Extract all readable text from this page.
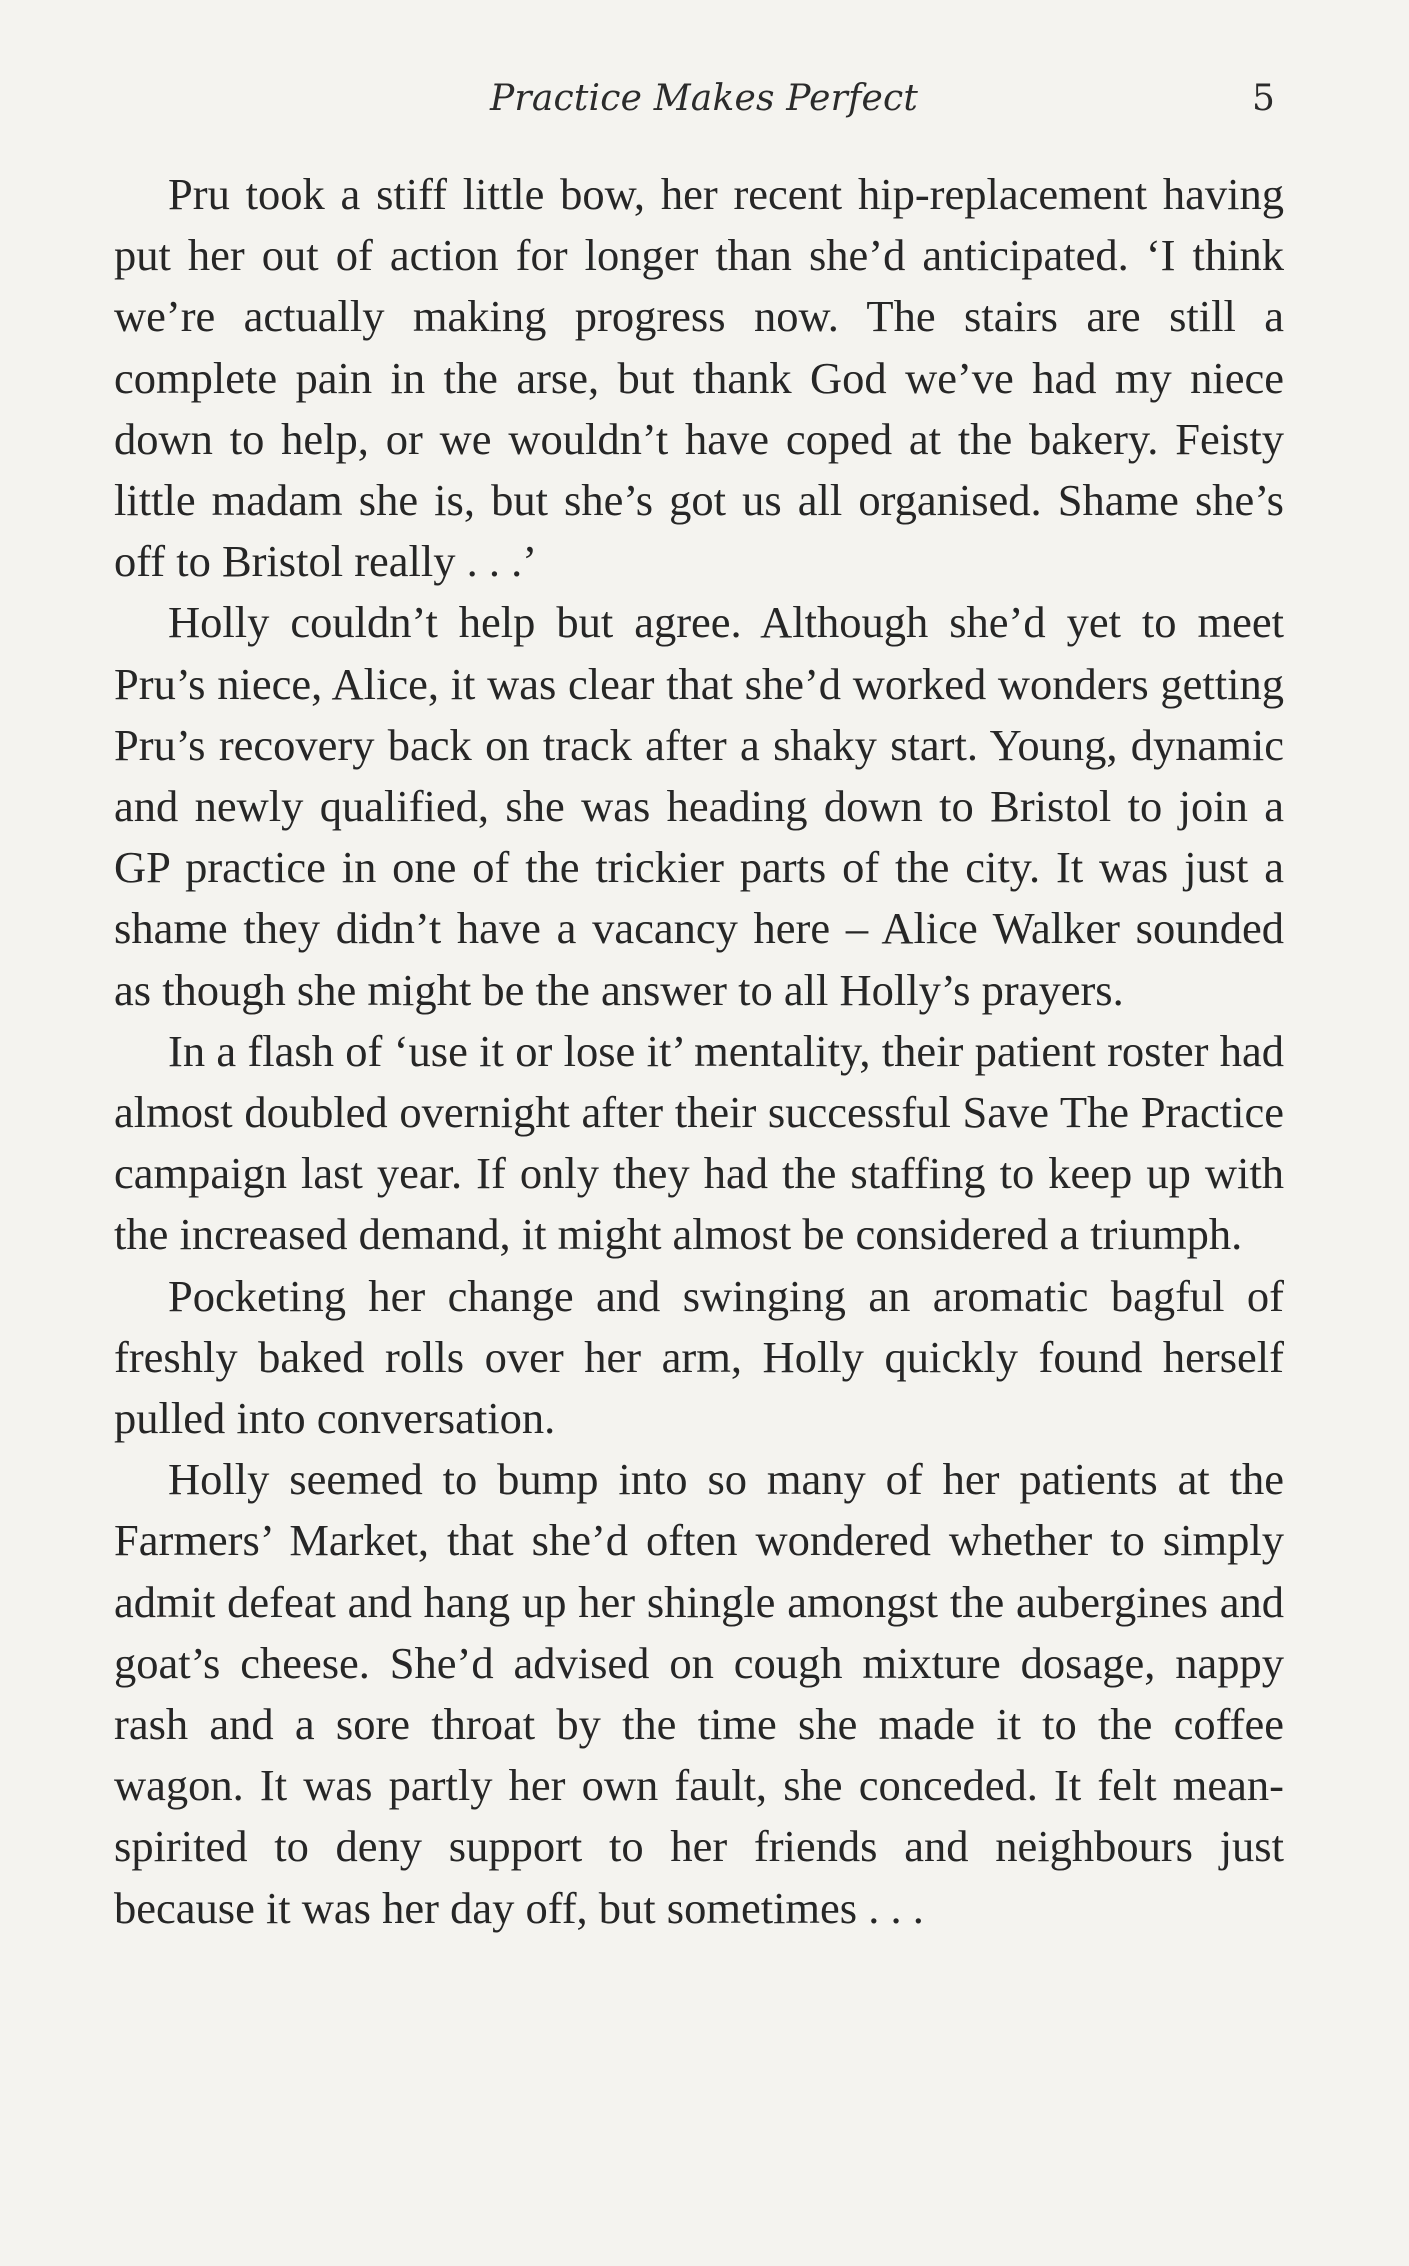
Practice Makes Perfect	5

Pru took a stiff little bow, her recent hip-replacement having put her out of action for longer than she’d anticipated. ‘I think we’re actually making progress now. The stairs are still a complete pain in the arse, but thank God we’ve had my niece down to help, or we wouldn’t have coped at the bakery. Feisty little madam she is, but she’s got us all organised. Shame she’s off to Bristol really . . .’

Holly couldn’t help but agree. Although she’d yet to meet Pru’s niece, Alice, it was clear that she’d worked wonders getting Pru’s recovery back on track after a shaky start. Young, dynamic and newly qualified, she was heading down to Bristol to join a GP practice in one of the trickier parts of the city. It was just a shame they didn’t have a vacancy here – Alice Walker sounded as though she might be the answer to all Holly’s prayers.

In a flash of ‘use it or lose it’ mentality, their patient roster had almost doubled overnight after their successful Save The Practice campaign last year. If only they had the staffing to keep up with the increased demand, it might almost be considered a triumph.

Pocketing her change and swinging an aromatic bagful of freshly baked rolls over her arm, Holly quickly found herself pulled into conversation.

Holly seemed to bump into so many of her patients at the Farmers’ Market, that she’d often wondered whether to simply admit defeat and hang up her shingle amongst the aubergines and goat’s cheese. She’d advised on cough mixture dosage, nappy rash and a sore throat by the time she made it to the coffee wagon. It was partly her own fault, she conceded. It felt mean-spirited to deny support to her friends and neighbours just because it was her day off, but sometimes . . .
